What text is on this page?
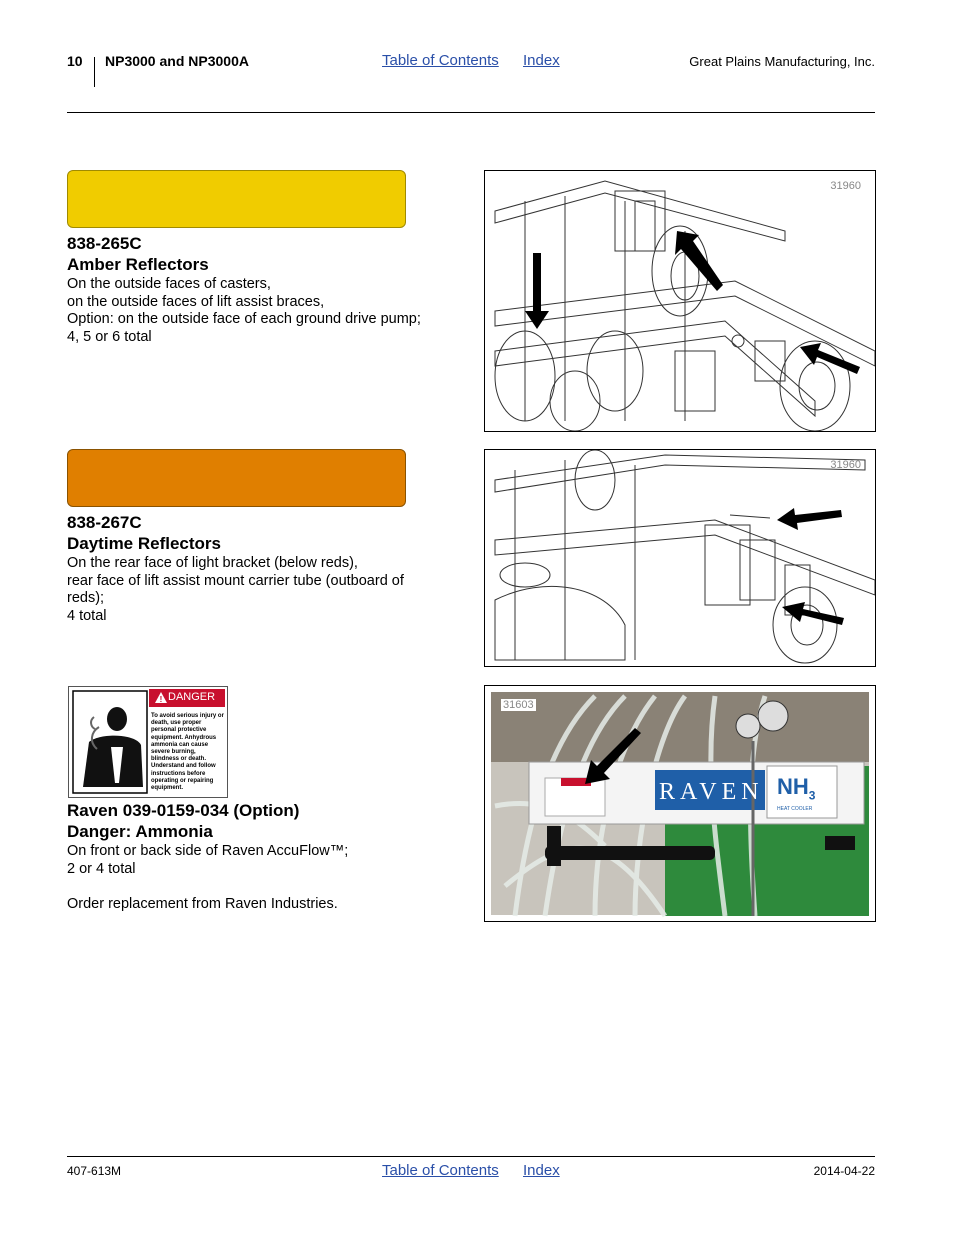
10 NP3000 and NP3000A	Table of Contents Index	Great Plains Manufacturing, Inc.
838-265C
Amber Reflectors
On the outside faces of casters,
on the outside faces of lift assist braces,
Option: on the outside face of each ground drive pump;
4, 5 or 6 total
31960
838-267C
Daytime Reflectors
On the rear face of light bracket (below reds),
rear face of lift assist mount carrier tube (outboard of
reds);
4 total
31960
! DANGER
To avoid serious injury or death, use proper personal protective equipment. Anhydrous ammonia can cause severe burning, blindness or death. Understand and follow instructions before operating or repairing equipment.
Raven 039-0159-034 (Option)
Danger: Ammonia
On front or back side of Raven AccuFlow™;
2 or 4 total
Order replacement from Raven Industries.
31603
RAVEN $NH_3$
HEAT COOLER
407-613M	Table of Contents Index	2014-04-22
